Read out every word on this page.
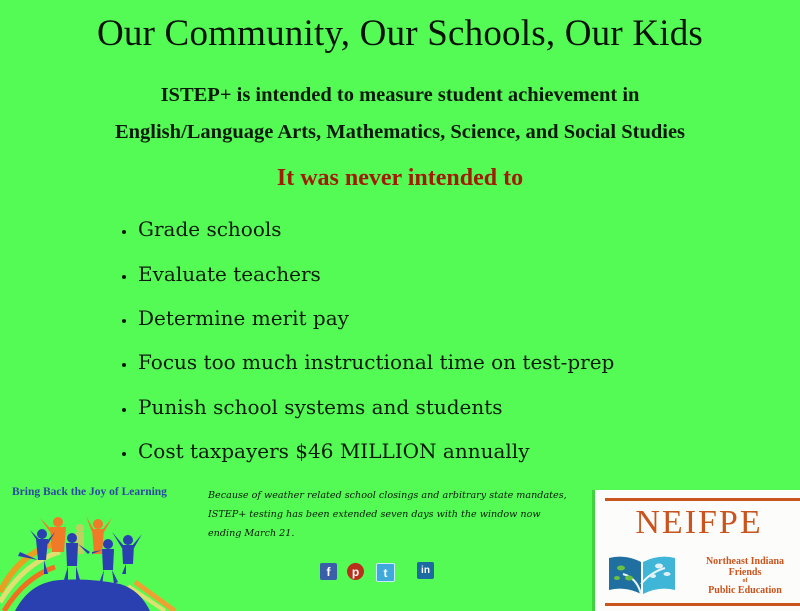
Our Community, Our Schools, Our Kids
ISTEP+ is intended to measure student achievement in
English/Language Arts, Mathematics, Science, and Social Studies
It was never intended to
Grade schools
Evaluate teachers
Determine merit pay
Focus too much instructional time on test-prep
Punish school systems and students
Cost taxpayers $46 MILLION annually
Bring Back the Joy of Learning	Because of weather related school closings and arbitrary state mandates,
ISTEP+ testing has been extended seven days with the window now
ending March 21.
f	p	t	in
NEIFPE
Northeast Indiana
Friends
of
Public Education
